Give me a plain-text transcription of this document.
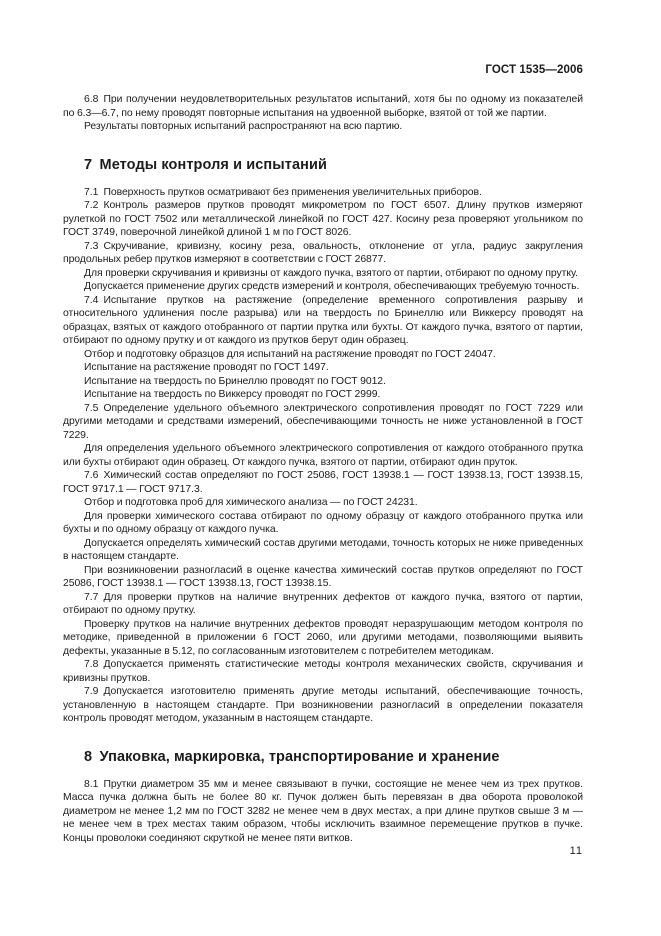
ГОСТ 1535—2006

6.8 При получении неудовлетворительных результатов испытаний, хотя бы по одному из показателей по 6.3—6.7, по нему проводят повторные испытания на удвоенной выборке, взятой от той же партии.

Результаты повторных испытаний распространяют на всю партию.

7 Методы контроля и испытаний

7.1 Поверхность прутков осматривают без применения увеличительных приборов.

7.2 Контроль размеров прутков проводят микрометром по ГОСТ 6507. Длину прутков измеряют рулеткой по ГОСТ 7502 или металлической линейкой по ГОСТ 427. Косину реза проверяют угольником по ГОСТ 3749, поверочной линейкой длиной 1 м по ГОСТ 8026.

7.3 Скручивание, кривизну, косину реза, овальность, отклонение от угла, радиус закругления продольных ребер прутков измеряют в соответствии с ГОСТ 26877.

Для проверки скручивания и кривизны от каждого пучка, взятого от партии, отбирают по одному прутку.

Допускается применение других средств измерений и контроля, обеспечивающих требуемую точность.

7.4 Испытание прутков на растяжение (определение временного сопротивления разрыву и относительного удлинения после разрыва) или на твердость по Бринеллю или Виккерсу проводят на образцах, взятых от каждого отобранного от партии прутка или бухты. От каждого пучка, взятого от партии, отбирают по одному прутку и от каждого из прутков берут один образец.

Отбор и подготовку образцов для испытаний на растяжение проводят по ГОСТ 24047.

Испытание на растяжение проводят по ГОСТ 1497.

Испытание на твердость по Бринеллю проводят по ГОСТ 9012.

Испытание на твердость по Виккерсу проводят по ГОСТ 2999.

7.5 Определение удельного объемного электрического сопротивления проводят по ГОСТ 7229 или другими методами и средствами измерений, обеспечивающими точность не ниже установленной в ГОСТ 7229.

Для определения удельного объемного электрического сопротивления от каждого отобранного прутка или бухты отбирают один образец. От каждого пучка, взятого от партии, отбирают один пруток.

7.6 Химический состав определяют по ГОСТ 25086, ГОСТ 13938.1 — ГОСТ 13938.13, ГОСТ 13938.15, ГОСТ 9717.1 — ГОСТ 9717.3.

Отбор и подготовка проб для химического анализа — по ГОСТ 24231.

Для проверки химического состава отбирают по одному образцу от каждого отобранного прутка или бухты и по одному образцу от каждого пучка.

Допускается определять химический состав другими методами, точность которых не ниже приведенных в настоящем стандарте.

При возникновении разногласий в оценке качества химический состав прутков определяют по ГОСТ 25086, ГОСТ 13938.1 — ГОСТ 13938.13, ГОСТ 13938.15.

7.7 Для проверки прутков на наличие внутренних дефектов от каждого пучка, взятого от партии, отбирают по одному прутку.

Проверку прутков на наличие внутренних дефектов проводят неразрушающим методом контроля по методике, приведенной в приложении 6 ГОСТ 2060, или другими методами, позволяющими выявить дефекты, указанные в 5.12, по согласованным изготовителем с потребителем методикам.

7.8 Допускается применять статистические методы контроля механических свойств, скручивания и кривизны прутков.

7.9 Допускается изготовителю применять другие методы испытаний, обеспечивающие точность, установленную в настоящем стандарте. При возникновении разногласий в определении показателя контроль проводят методом, указанным в настоящем стандарте.

8 Упаковка, маркировка, транспортирование и хранение

8.1 Прутки диаметром 35 мм и менее связывают в пучки, состоящие не менее чем из трех прутков. Масса пучка должна быть не более 80 кг. Пучок должен быть перевязан в два оборота проволокой диаметром не менее 1,2 мм по ГОСТ 3282 не менее чем в двух местах, а при длине прутков свыше 3 м — не менее чем в трех местах таким образом, чтобы исключить взаимное перемещение прутков в пучке. Концы проволоки соединяют скруткой не менее пяти витков.

11
